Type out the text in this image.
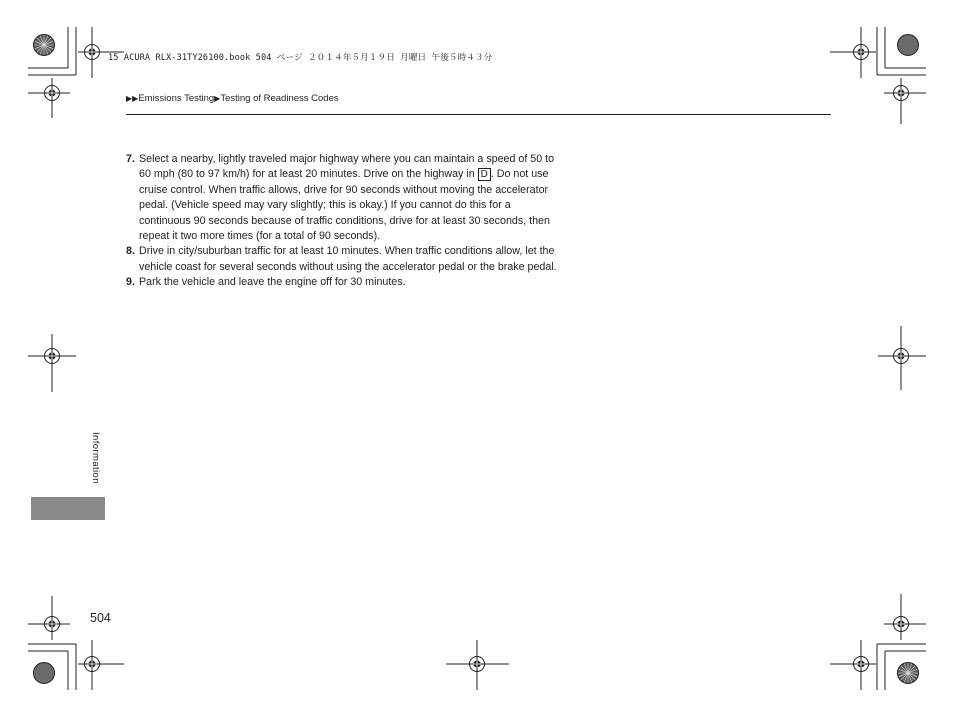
15 ACURA RLX-31TY26100.book 504 ページ ２０１４年５月１９日 月曜日 午後５時４３分
▶▶Emissions Testing▶Testing of Readiness Codes
7. Select a nearby, lightly traveled major highway where you can maintain a speed of 50 to 60 mph (80 to 97 km/h) for at least 20 minutes. Drive on the highway in D . Do not use cruise control. When traffic allows, drive for 90 seconds without moving the accelerator pedal. (Vehicle speed may vary slightly; this is okay.) If you cannot do this for a continuous 90 seconds because of traffic conditions, drive for at least 30 seconds, then repeat it two more times (for a total of 90 seconds).
8. Drive in city/suburban traffic for at least 10 minutes. When traffic conditions allow, let the vehicle coast for several seconds without using the accelerator pedal or the brake pedal.
9. Park the vehicle and leave the engine off for 30 minutes.
Information
504
